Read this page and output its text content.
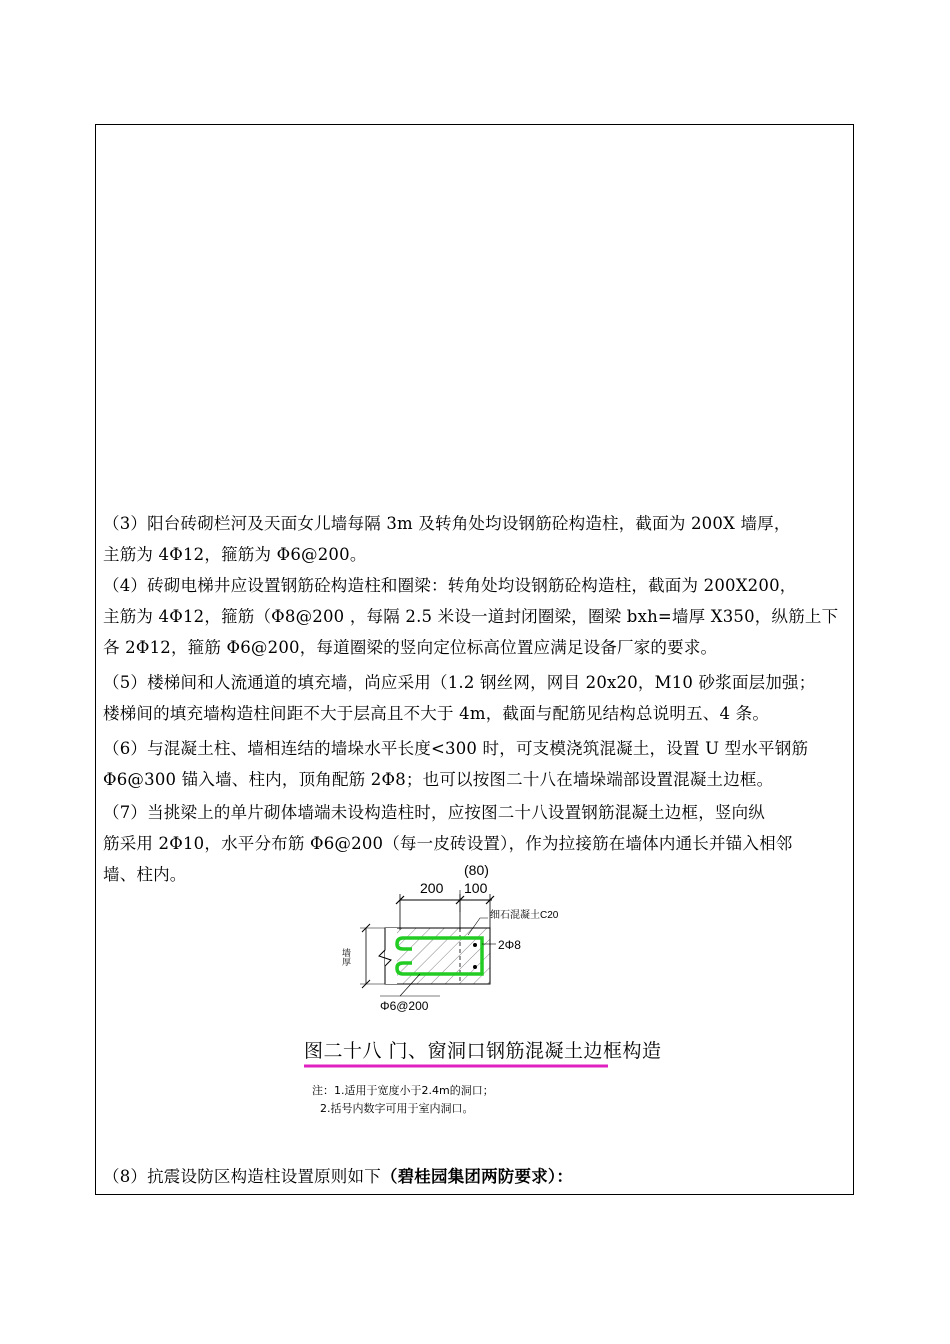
（3）阳台砖砌栏河及天面女儿墙每隔 3m 及转角处均设钢筋砼构造柱，截面为 200X 墙厚，
主筋为 4Φ12，箍筋为 Φ6@200。
（4）砖砌电梯井应设置钢筋砼构造柱和圈梁：转角处均设钢筋砼构造柱，截面为 200X200，
主筋为 4Φ12，箍筋（Φ8@200 ，每隔 2.5 米设一道封闭圈梁，圈梁 bxh=墙厚 X350，纵筋上下
各 2Φ12，箍筋 Φ6@200，每道圈梁的竖向定位标高位置应满足设备厂家的要求。
（5）楼梯间和人流通道的填充墙，尚应采用（1.2 钢丝网，网目 20x20，M10 砂浆面层加强；
楼梯间的填充墙构造柱间距不大于层高且不大于 4m，截面与配筋见结构总说明五、4 条。
（6）与混凝土柱、墙相连结的墙垛水平长度<300 时，可支模浇筑混凝土，设置 U 型水平钢筋
Φ6@300 锚入墙、柱内，顶角配筋 2Φ8；也可以按图二十八在墙垛端部设置混凝土边框。
（7）当挑梁上的单片砌体墙端未设构造柱时，应按图二十八设置钢筋混凝土边框，竖向纵
筋采用 2Φ10，水平分布筋 Φ6@200（每一皮砖设置），作为拉接筋在墙体内通长并锚入相邻
墙、柱内。
200 100
(80)
细石混凝土C20
2Φ8
Φ6@200
墙厚
图二十八 门、窗洞口钢筋混凝土边框构造
注：1.适用于宽度小于2.4m的洞口；
2.括号内数字可用于室内洞口。
（8）抗震设防区构造柱设置原则如下（碧桂园集团两防要求）：
